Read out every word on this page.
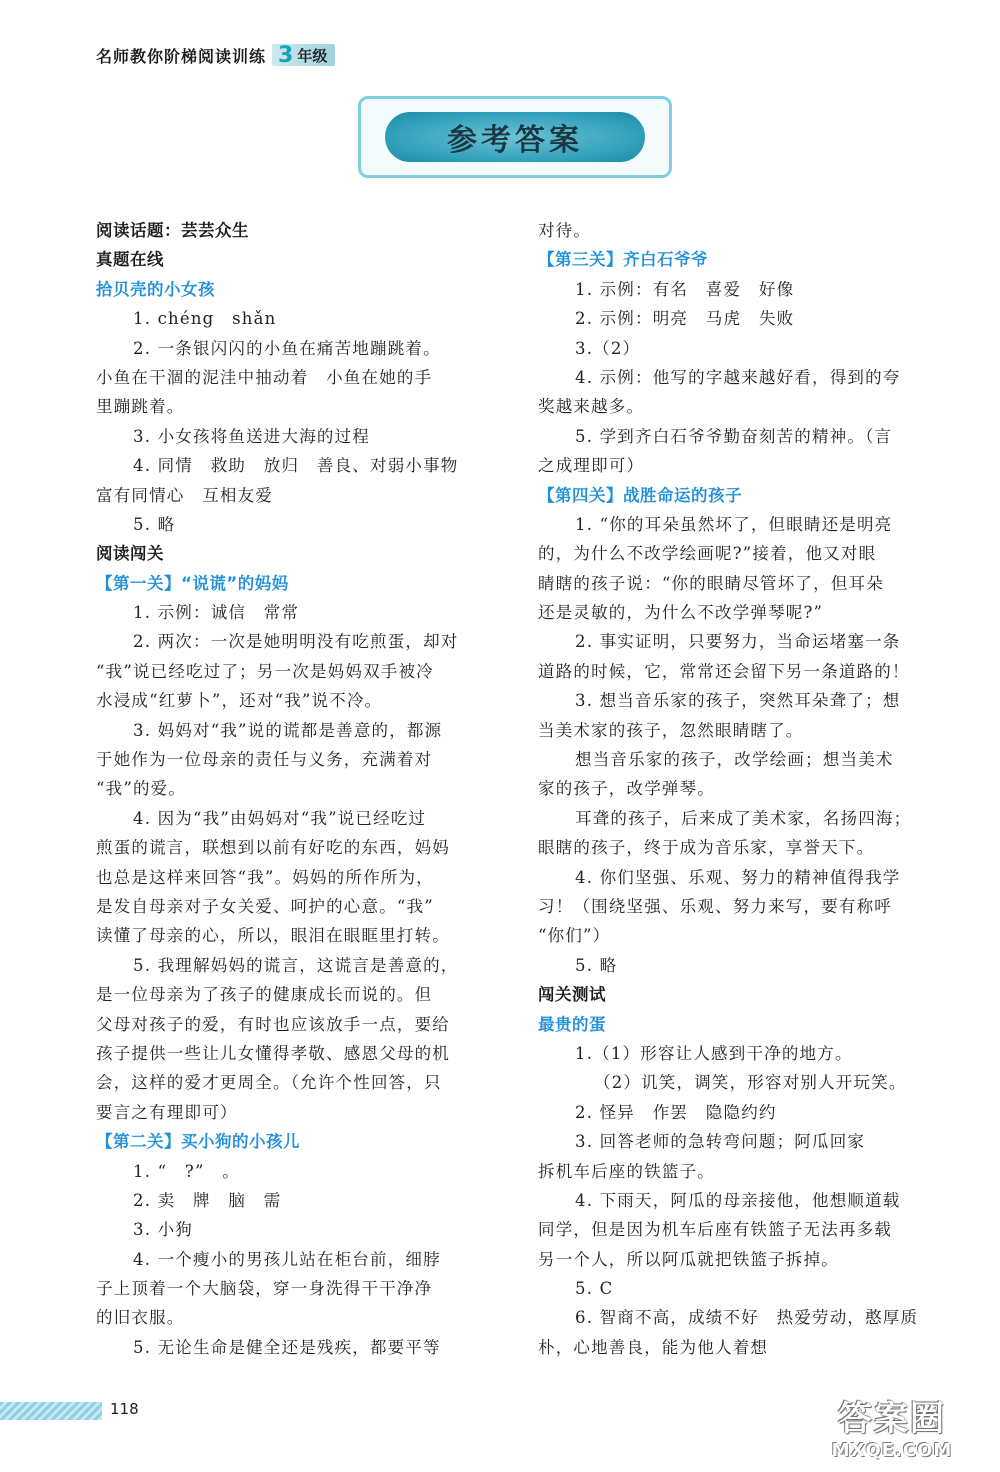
名师教你阶梯阅读训练 3 年级
参考答案
阅读话题：芸芸众生
真题在线
拾贝壳的小女孩
1. chéng　shǎn
2. 一条银闪闪的小鱼在痛苦地蹦跳着。
小鱼在干涸的泥洼中抽动着　小鱼在她的手
里蹦跳着。
3. 小女孩将鱼送进大海的过程
4. 同情　救助　放归　善良、对弱小事物
富有同情心　互相友爱
5. 略
阅读闯关
【第一关】“说谎”的妈妈
1. 示例：诚信　常常
2. 两次：一次是她明明没有吃煎蛋，却对
“我”说已经吃过了；另一次是妈妈双手被冷
水浸成“红萝卜”，还对“我”说不冷。
3. 妈妈对“我”说的谎都是善意的，都源
于她作为一位母亲的责任与义务，充满着对
“我”的爱。
4. 因为“我”由妈妈对“我”说已经吃过
煎蛋的谎言，联想到以前有好吃的东西，妈妈
也总是这样来回答“我”。妈妈的所作所为，
是发自母亲对子女关爱、呵护的心意。“我”
读懂了母亲的心，所以，眼泪在眼眶里打转。
5. 我理解妈妈的谎言，这谎言是善意的，
是一位母亲为了孩子的健康成长而说的。但
父母对孩子的爱，有时也应该放手一点，要给
孩子提供一些让儿女懂得孝敬、感恩父母的机
会，这样的爱才更周全。（允许个性回答，只
要言之有理即可）
【第二关】买小狗的小孩儿
1. “　?”　。
2. 卖　牌　脑　需
3. 小狗
4. 一个瘦小的男孩儿站在柜台前，细脖
子上顶着一个大脑袋，穿一身洗得干干净净
的旧衣服。
5. 无论生命是健全还是残疾，都要平等
对待。
【第三关】齐白石爷爷
1. 示例：有名　喜爱　好像
2. 示例：明亮　马虎　失败
3.（2）
4. 示例：他写的字越来越好看，得到的夸
奖越来越多。
5. 学到齐白石爷爷勤奋刻苦的精神。（言
之成理即可）
【第四关】战胜命运的孩子
1. “你的耳朵虽然坏了，但眼睛还是明亮
的，为什么不改学绘画呢?”接着，他又对眼
睛瞎的孩子说：“你的眼睛尽管坏了，但耳朵
还是灵敏的，为什么不改学弹琴呢?”
2. 事实证明，只要努力，当命运堵塞一条
道路的时候，它，常常还会留下另一条道路的！
3. 想当音乐家的孩子，突然耳朵聋了；想
当美术家的孩子，忽然眼睛瞎了。
想当音乐家的孩子，改学绘画；想当美术
家的孩子，改学弹琴。
耳聋的孩子，后来成了美术家，名扬四海；
眼瞎的孩子，终于成为音乐家，享誉天下。
4. 你们坚强、乐观、努力的精神值得我学
习！（围绕坚强、乐观、努力来写，要有称呼
“你们”）
5. 略
闯关测试
最贵的蛋
1.（1）形容让人感到干净的地方。
（2）讥笑，调笑，形容对别人开玩笑。
2. 怪异　作罢　隐隐约约
3. 回答老师的急转弯问题；阿瓜回家
拆机车后座的铁篮子。
4. 下雨天，阿瓜的母亲接他，他想顺道载
同学，但是因为机车后座有铁篮子无法再多载
另一个人，所以阿瓜就把铁篮子拆掉。
5. C
6. 智商不高，成绩不好　热爱劳动，憨厚质
朴，心地善良，能为他人着想
118	答案圈
MXQE.COM
